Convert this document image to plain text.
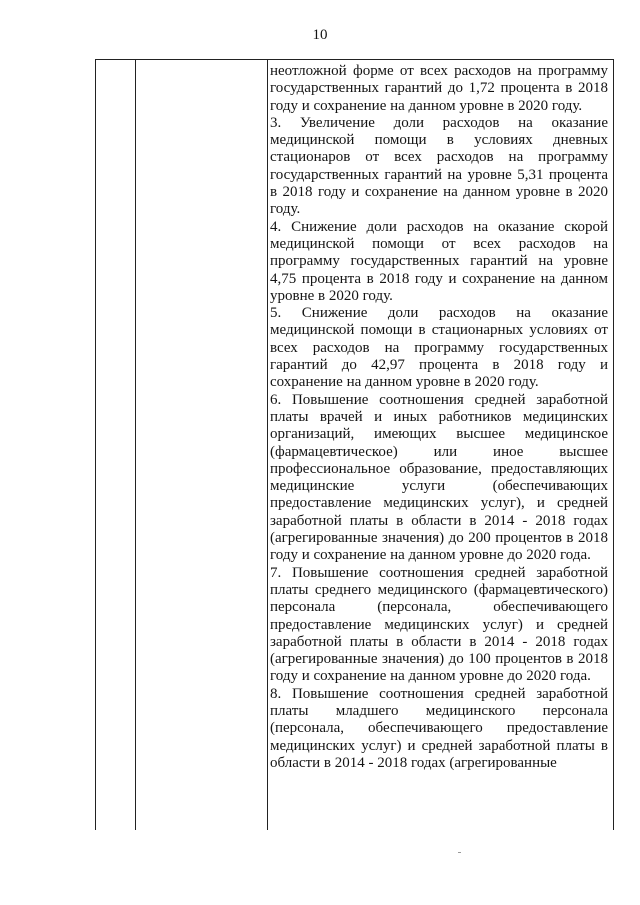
10

неотложной форме от всех расходов на программу государственных гарантий до 1,72 процента в 2018 году и сохранение на данном уровне в 2020 году.

3. Увеличение доли расходов на оказание медицинской помощи в условиях дневных стационаров от всех расходов на программу государственных гарантий на уровне 5,31 процента в 2018 году и сохранение на данном уровне в 2020 году.

4. Снижение доли расходов на оказание скорой медицинской помощи от всех расходов на программу государственных гарантий на уровне 4,75 процента в 2018 году и сохранение на данном уровне в 2020 году.

5. Снижение доли расходов на оказание медицинской помощи в стационарных условиях от всех расходов на программу государственных гарантий до 42,97 процента в 2018 году и сохранение на данном уровне в 2020 году.

6. Повышение соотношения средней заработной платы врачей и иных работников медицинских организаций, имеющих высшее медицинское (фармацевтическое) или иное высшее профессиональное образование, предоставляющих медицинские услуги (обеспечивающих предоставление медицинских услуг), и средней заработной платы в области в 2014 - 2018 годах (агрегированные значения) до 200 процентов в 2018 году и сохранение на данном уровне до 2020 года.

7. Повышение соотношения средней заработной платы среднего медицинского (фармацевтического) персонала (персонала, обеспечивающего предоставление медицинских услуг) и средней заработной платы в области в 2014 - 2018 годах (агрегированные значения) до 100 процентов в 2018 году и сохранение на данном уровне до 2020 года.

8. Повышение соотношения средней заработной платы младшего медицинского персонала (персонала, обеспечивающего предоставление медицинских услуг) и средней заработной платы в области в 2014 - 2018 годах (агрегированные
